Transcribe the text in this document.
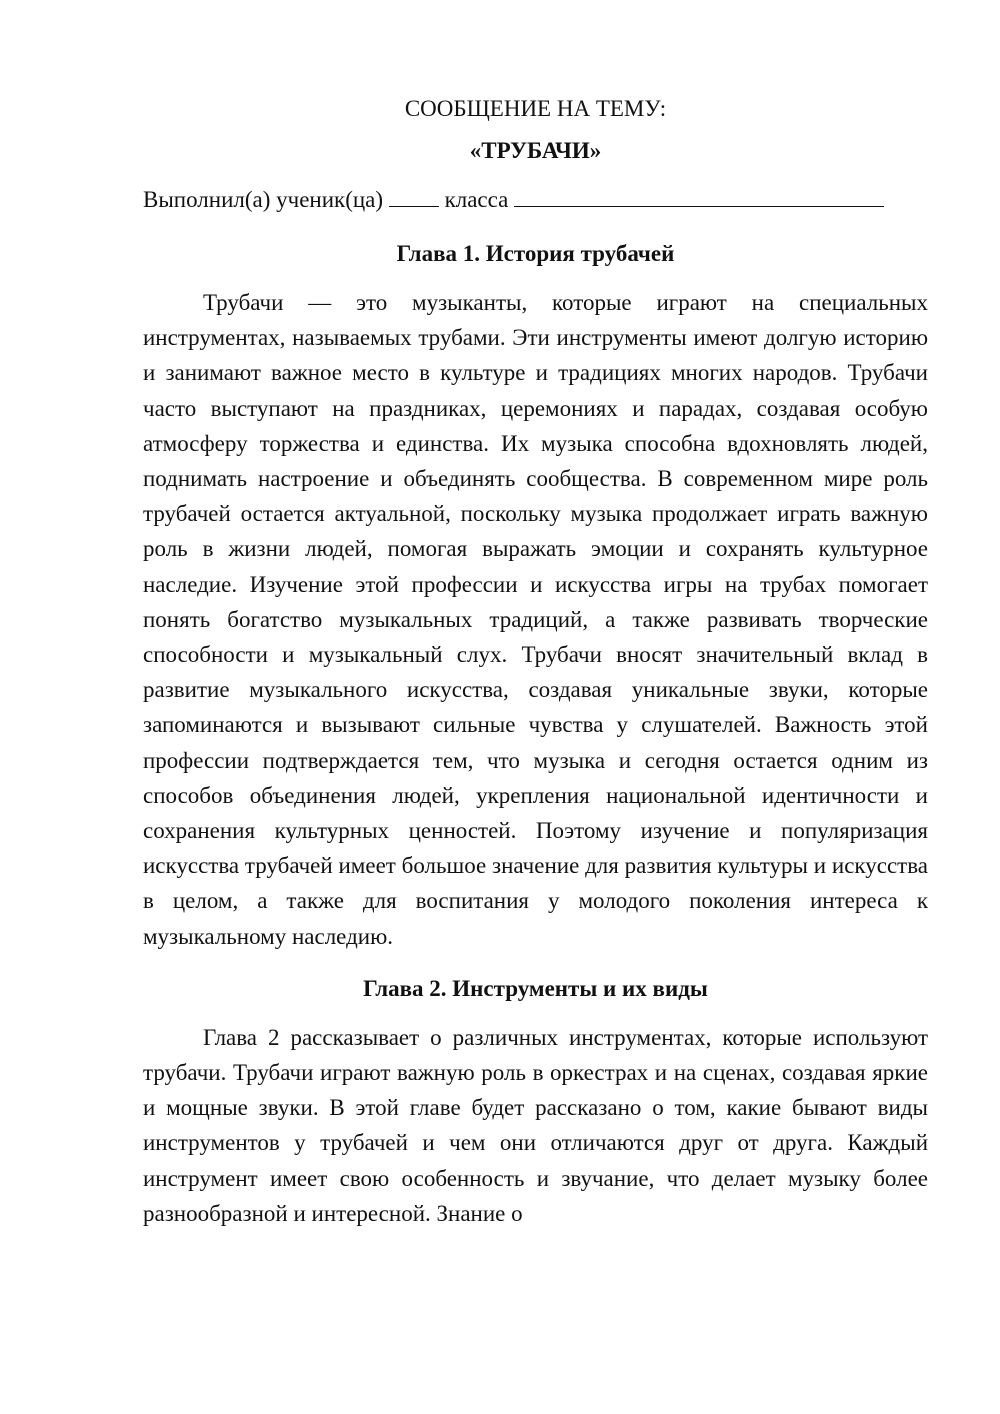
СООБЩЕНИЕ НА ТЕМУ:
«ТРУБАЧИ»

Выполнил(а) ученик(ца)	класса

Глава 1. История трубачей

Трубачи — это музыканты, которые играют на специальных инструментах, называемых трубами. Эти инструменты имеют долгую историю и занимают важное место в культуре и традициях многих народов. Трубачи часто выступают на праздниках, церемониях и парадах, создавая особую атмосферу торжества и единства. Их музыка способна вдохновлять людей, поднимать настроение и объединять сообщества. В современном мире роль трубачей остается актуальной, поскольку музыка продолжает играть важную роль в жизни людей, помогая выражать эмоции и сохранять культурное наследие. Изучение этой профессии и искусства игры на трубах помогает понять богатство музыкальных традиций, а также развивать творческие способности и музыкальный слух. Трубачи вносят значительный вклад в развитие музыкального искусства, создавая уникальные звуки, которые запоминаются и вызывают сильные чувства у слушателей. Важность этой профессии подтверждается тем, что музыка и сегодня остается одним из способов объединения людей, укрепления национальной идентичности и сохранения культурных ценностей. Поэтому изучение и популяризация искусства трубачей имеет большое значение для развития культуры и искусства в целом, а также для воспитания у молодого поколения интереса к музыкальному наследию.

Глава 2. Инструменты и их виды

Глава 2 рассказывает о различных инструментах, которые используют трубачи. Трубачи играют важную роль в оркестрах и на сценах, создавая яркие и мощные звуки. В этой главе будет рассказано о том, какие бывают виды инструментов у трубачей и чем они отличаются друг от друга. Каждый инструмент имеет свою особенность и звучание, что делает музыку более разнообразной и интересной. Знание о
